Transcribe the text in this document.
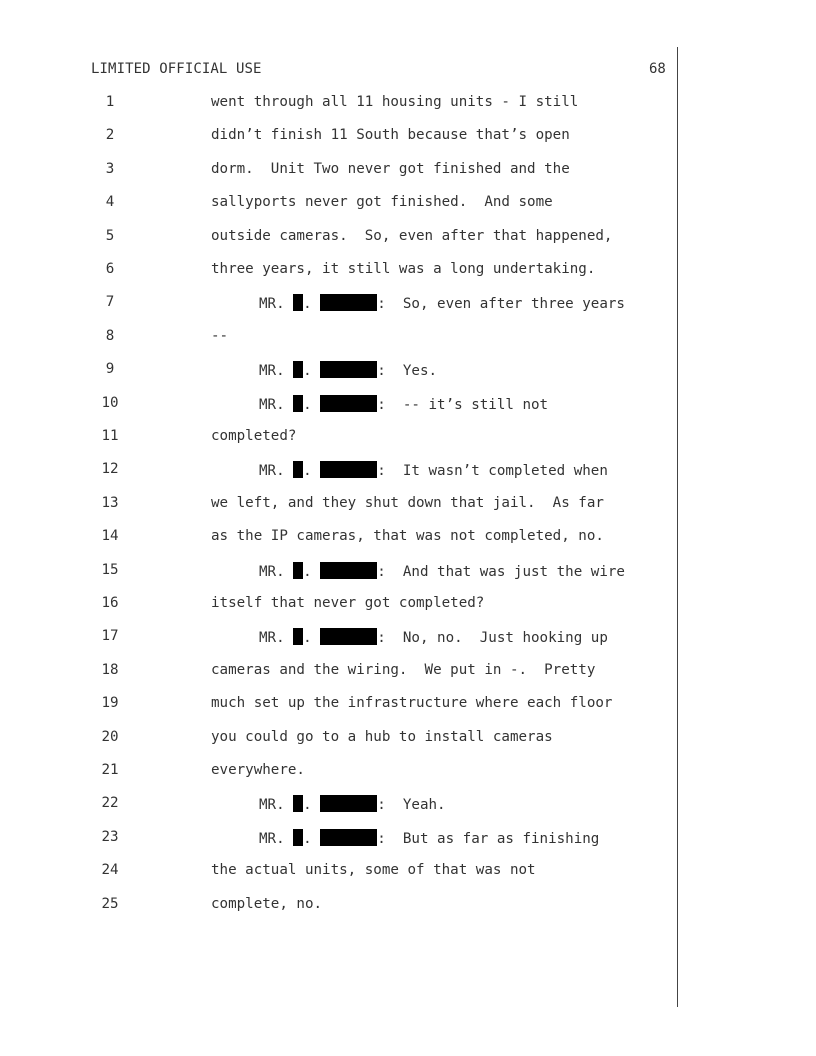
LIMITED OFFICIAL USE	68
1	went through all 11 housing units - I still
2	didn’t finish 11 South because that’s open
3	dorm.  Unit Two never got finished and the
4	sallyports never got finished.  And some
5	outside cameras.  So, even after that happened,
6	three years, it still was a long undertaking.
7	MR. .	:  So, even after three years
8	--
9	MR. .	:  Yes.
10	MR. .	:  -- it’s still not
11	completed?
12	MR. .	:  It wasn’t completed when
13	we left, and they shut down that jail.  As far
14	as the IP cameras, that was not completed, no.
15	MR. .	:  And that was just the wire
16	itself that never got completed?
17	MR. .	:  No, no.  Just hooking up
18	cameras and the wiring.  We put in -.  Pretty
19	much set up the infrastructure where each floor
20	you could go to a hub to install cameras
21	everywhere.
22	MR. .	:  Yeah.
23	MR. .	:  But as far as finishing
24	the actual units, some of that was not
25	complete, no.
